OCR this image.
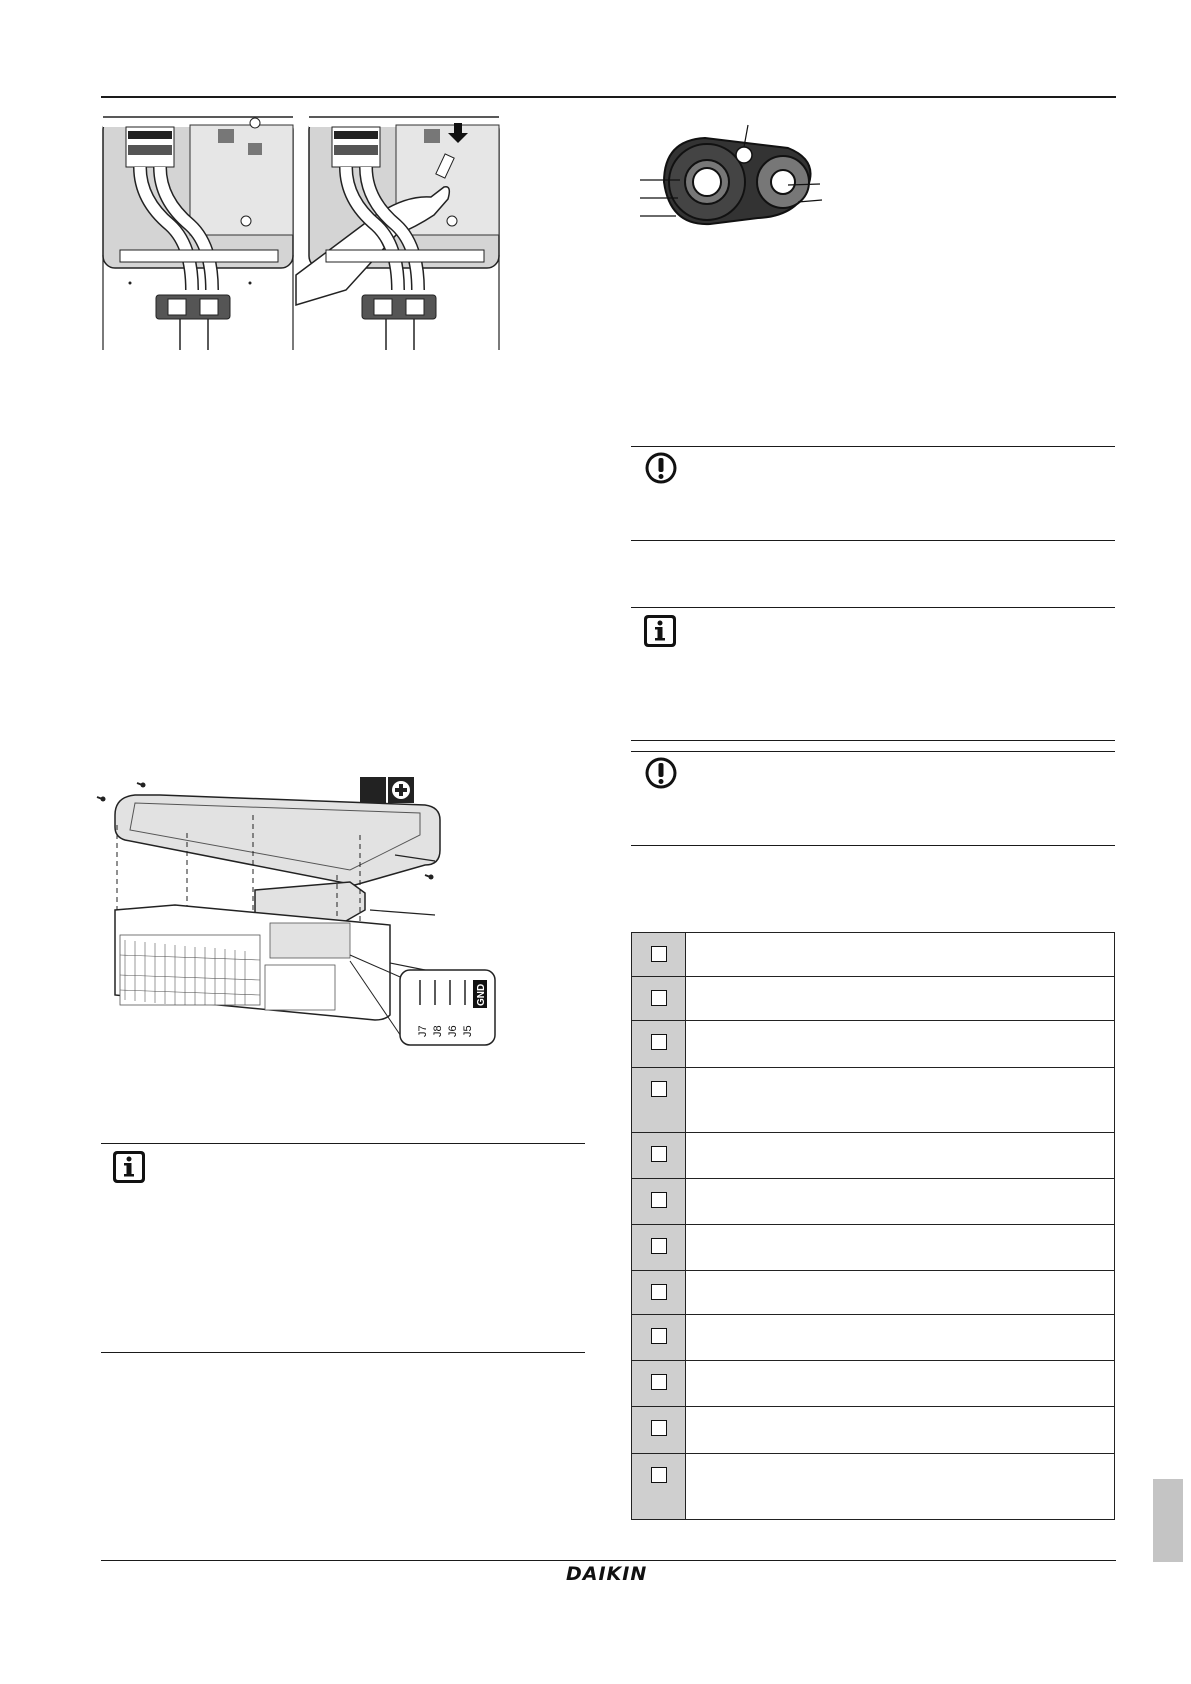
J7 J8 J6 J5
GND
DAIKIN
